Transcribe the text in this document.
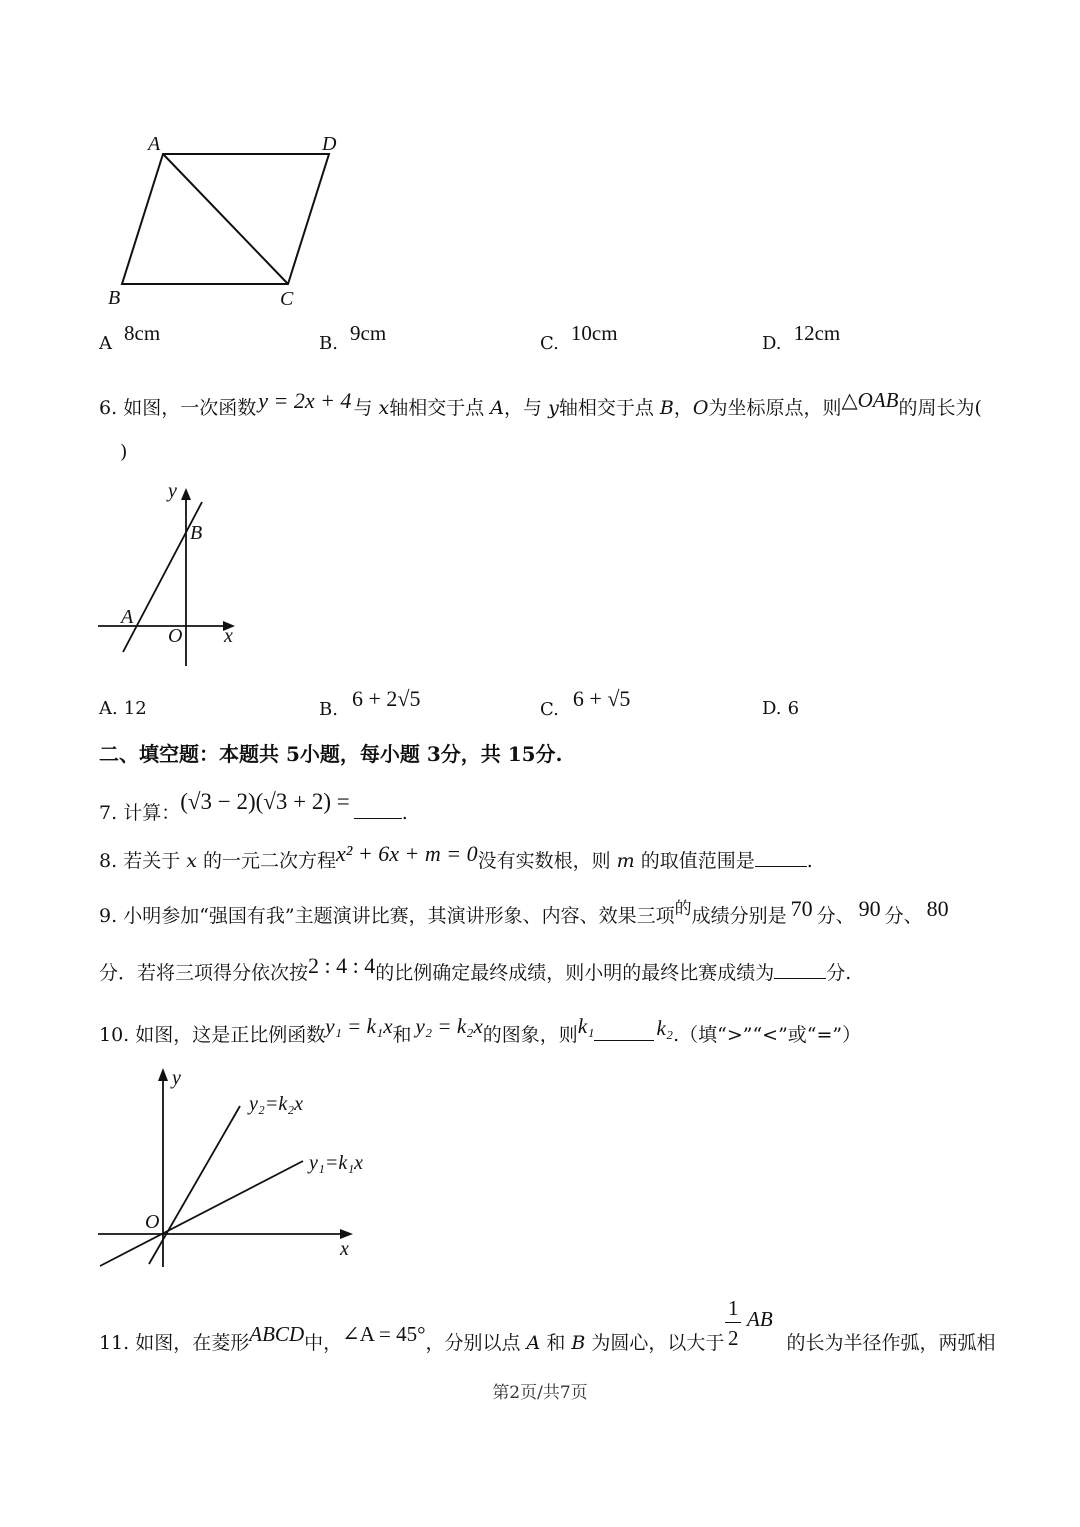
A	D
B	C
A 8cm	B. 9cm	C. 10cm	D. 12cm
6. 如图，一次函数y = 2x + 4 与 x轴相交于点 A，与 y轴相交于点 B，O为坐标原点，则△OAB的周长为(
)
y
B
A
O x
A. 12	B. 6 + 2√5	C. 6 + √5	D. 6
二、填空题：本题共 5小题，每小题 3分，共 15分.
7. 计算：(√3 − 2)(√3 + 2) =	.
8. 若关于 x 的一元二次方程x² + 6x + m = 0没有实数根，则 m 的取值范围是	.
9. 小明参加“强国有我”主题演讲比赛，其演讲形象、内容、效果三项的成绩分别是 70 分、 90 分、 80
分．若将三项得分依次按2 : 4 : 4的比例确定最终成绩，则小明的最终比赛成绩为	分.
10. 如图，这是正比例函数y₁ = k₁x和 y₂ = k₂x的图象，则k₁	k₂.（填“>”“<”或“=”）
y
x
O
y₂=k₂x
y₁=k₁x
11. 如图，在菱形ABCD中，∠A = 45°，分别以点 A 和 B 为圆心，以大于	的长为半径作弧，两弧相
1
2
AB
第2页/共7页
